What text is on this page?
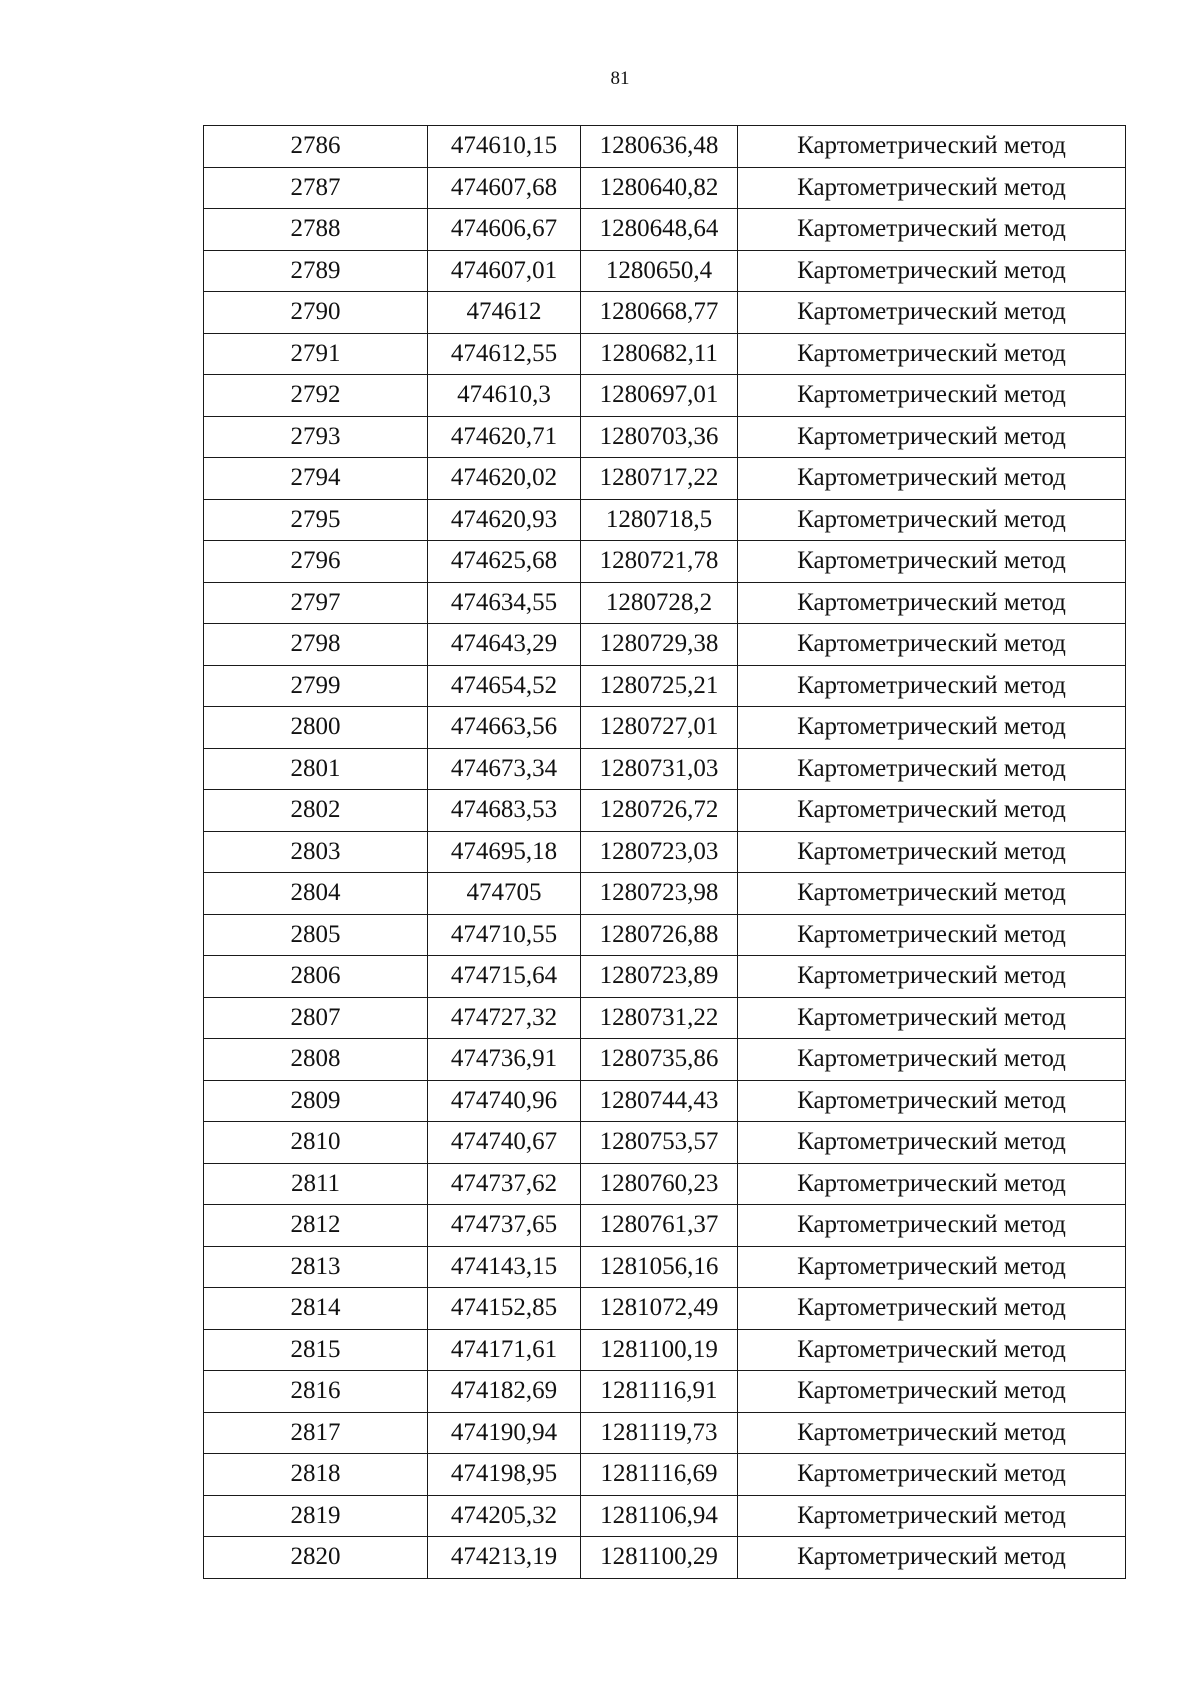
81
2786	474610,15	1280636,48	Картометрический метод
2787	474607,68	1280640,82	Картометрический метод
2788	474606,67	1280648,64	Картометрический метод
2789	474607,01	1280650,4	Картометрический метод
2790	474612	1280668,77	Картометрический метод
2791	474612,55	1280682,11	Картометрический метод
2792	474610,3	1280697,01	Картометрический метод
2793	474620,71	1280703,36	Картометрический метод
2794	474620,02	1280717,22	Картометрический метод
2795	474620,93	1280718,5	Картометрический метод
2796	474625,68	1280721,78	Картометрический метод
2797	474634,55	1280728,2	Картометрический метод
2798	474643,29	1280729,38	Картометрический метод
2799	474654,52	1280725,21	Картометрический метод
2800	474663,56	1280727,01	Картометрический метод
2801	474673,34	1280731,03	Картометрический метод
2802	474683,53	1280726,72	Картометрический метод
2803	474695,18	1280723,03	Картометрический метод
2804	474705	1280723,98	Картометрический метод
2805	474710,55	1280726,88	Картометрический метод
2806	474715,64	1280723,89	Картометрический метод
2807	474727,32	1280731,22	Картометрический метод
2808	474736,91	1280735,86	Картометрический метод
2809	474740,96	1280744,43	Картометрический метод
2810	474740,67	1280753,57	Картометрический метод
2811	474737,62	1280760,23	Картометрический метод
2812	474737,65	1280761,37	Картометрический метод
2813	474143,15	1281056,16	Картометрический метод
2814	474152,85	1281072,49	Картометрический метод
2815	474171,61	1281100,19	Картометрический метод
2816	474182,69	1281116,91	Картометрический метод
2817	474190,94	1281119,73	Картометрический метод
2818	474198,95	1281116,69	Картометрический метод
2819	474205,32	1281106,94	Картометрический метод
2820	474213,19	1281100,29	Картометрический метод
